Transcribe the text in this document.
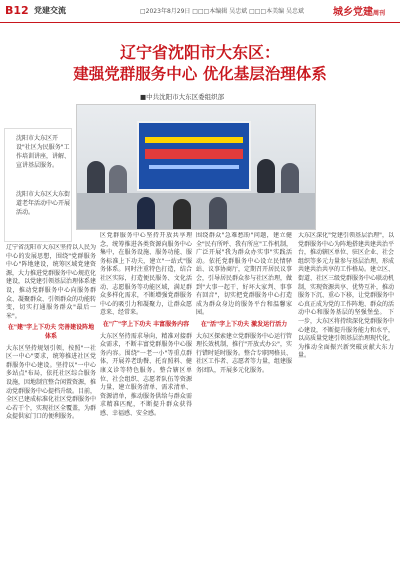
B12 党建交流	□2023年8月29日 □□□本编辑 吴忠斌 □□□本美编 吴忠斌	城乡党建周刊
辽宁省沈阳市大东区：
建强党群服务中心 优化基层治理体系
■中共沈阳市大东区委组织部
沈阳市大东区开设"社区为民服务"工作培训讲座，讲解、宣讲基层服务。
沈阳市大东区大东街道老年活动中心开展活动。
辽宁省沈阳市大东区坚持以人民为中心的发展思想，围绕"党群服务中心"阵地建设，统筹区域党建资源，大力推进党群服务中心规范化建设，以党建引领基层治理体系建设，推动党群服务中心向服务群众、凝聚群众、引领群众的功能转变，切实打通服务群众"最后一米"。
在"建"字上下功夫 完善建设阵地体系
大东区坚持规划引领，按照"一社区一中心"要求，统筹推进社区党群服务中心建设。坚持以"一中心多站点"布局，依托社区综合服务设施，因地制宜整合闲置资源，推动党群服务中心提档升级。目前，全区已建成标准化社区党群服务中心若干个，实现社区全覆盖，为群众提供家门口的便利服务。
区党群服务中心坚持开放共享理念，统筹推进各类资源向服务中心集中，在服务设施、服务功能、服务标准上下功夫，建立"一站式"服务体系。同时注重特色打造，结合社区实际，打造便民服务、文化活动、志愿服务等功能区域，满足群众多样化需求，不断增强党群服务中心的吸引力和凝聚力，让群众愿意来、经常来。
在"广"字上下功夫 丰富服务内容
大东区坚持需求导向，精准对接群众需求，不断丰富党群服务中心服务内容。围绕"一老一小"等重点群体，开展养老助餐、托育照料、健康义诊等特色服务。整合辖区单位、社会组织、志愿者队伍等资源力量，建立服务清单、需求清单、资源清单，推动服务供给与群众需求精准匹配，不断提升群众获得感、幸福感、安全感。
围绕群众"急难愁盼"问题，建立健全"民有所呼、我有所应"工作机制，广泛开展"我为群众办实事"实践活动。依托党群服务中心设立民情驿站、议事协商厅，定期召开居民议事会，引导居民群众参与社区治理，做到"大事一起干、好坏大家判、事事有回音"，切实把党群服务中心打造成为群众身边的服务平台和温馨家园。
在"活"字上下功夫 激发运行活力
大东区探索建立党群服务中心运行管理长效机制，推行"开放式办公"，实行错时延时服务。整合专职网格员、社区工作者、志愿者等力量，组建服务团队，开展多元化服务。
大东区深化"党建引领基层治理"，以党群服务中心为阵地搭建共建共治平台，推动辖区单位、驻区企业、社会组织等多元力量参与基层治理，形成共建共治共享的工作格局。建立区、街道、社区三级党群服务中心联动机制，实现资源共享、优势互补，推动服务下沉、重心下移，让党群服务中心真正成为党的工作阵地、群众的活动中心和服务基层的坚强堡垒。 下一步，大东区将持续深化党群服务中心建设，不断提升服务能力和水平，以高质量党建引领基层治理现代化，为推动全面振兴新突破贡献大东力量。
